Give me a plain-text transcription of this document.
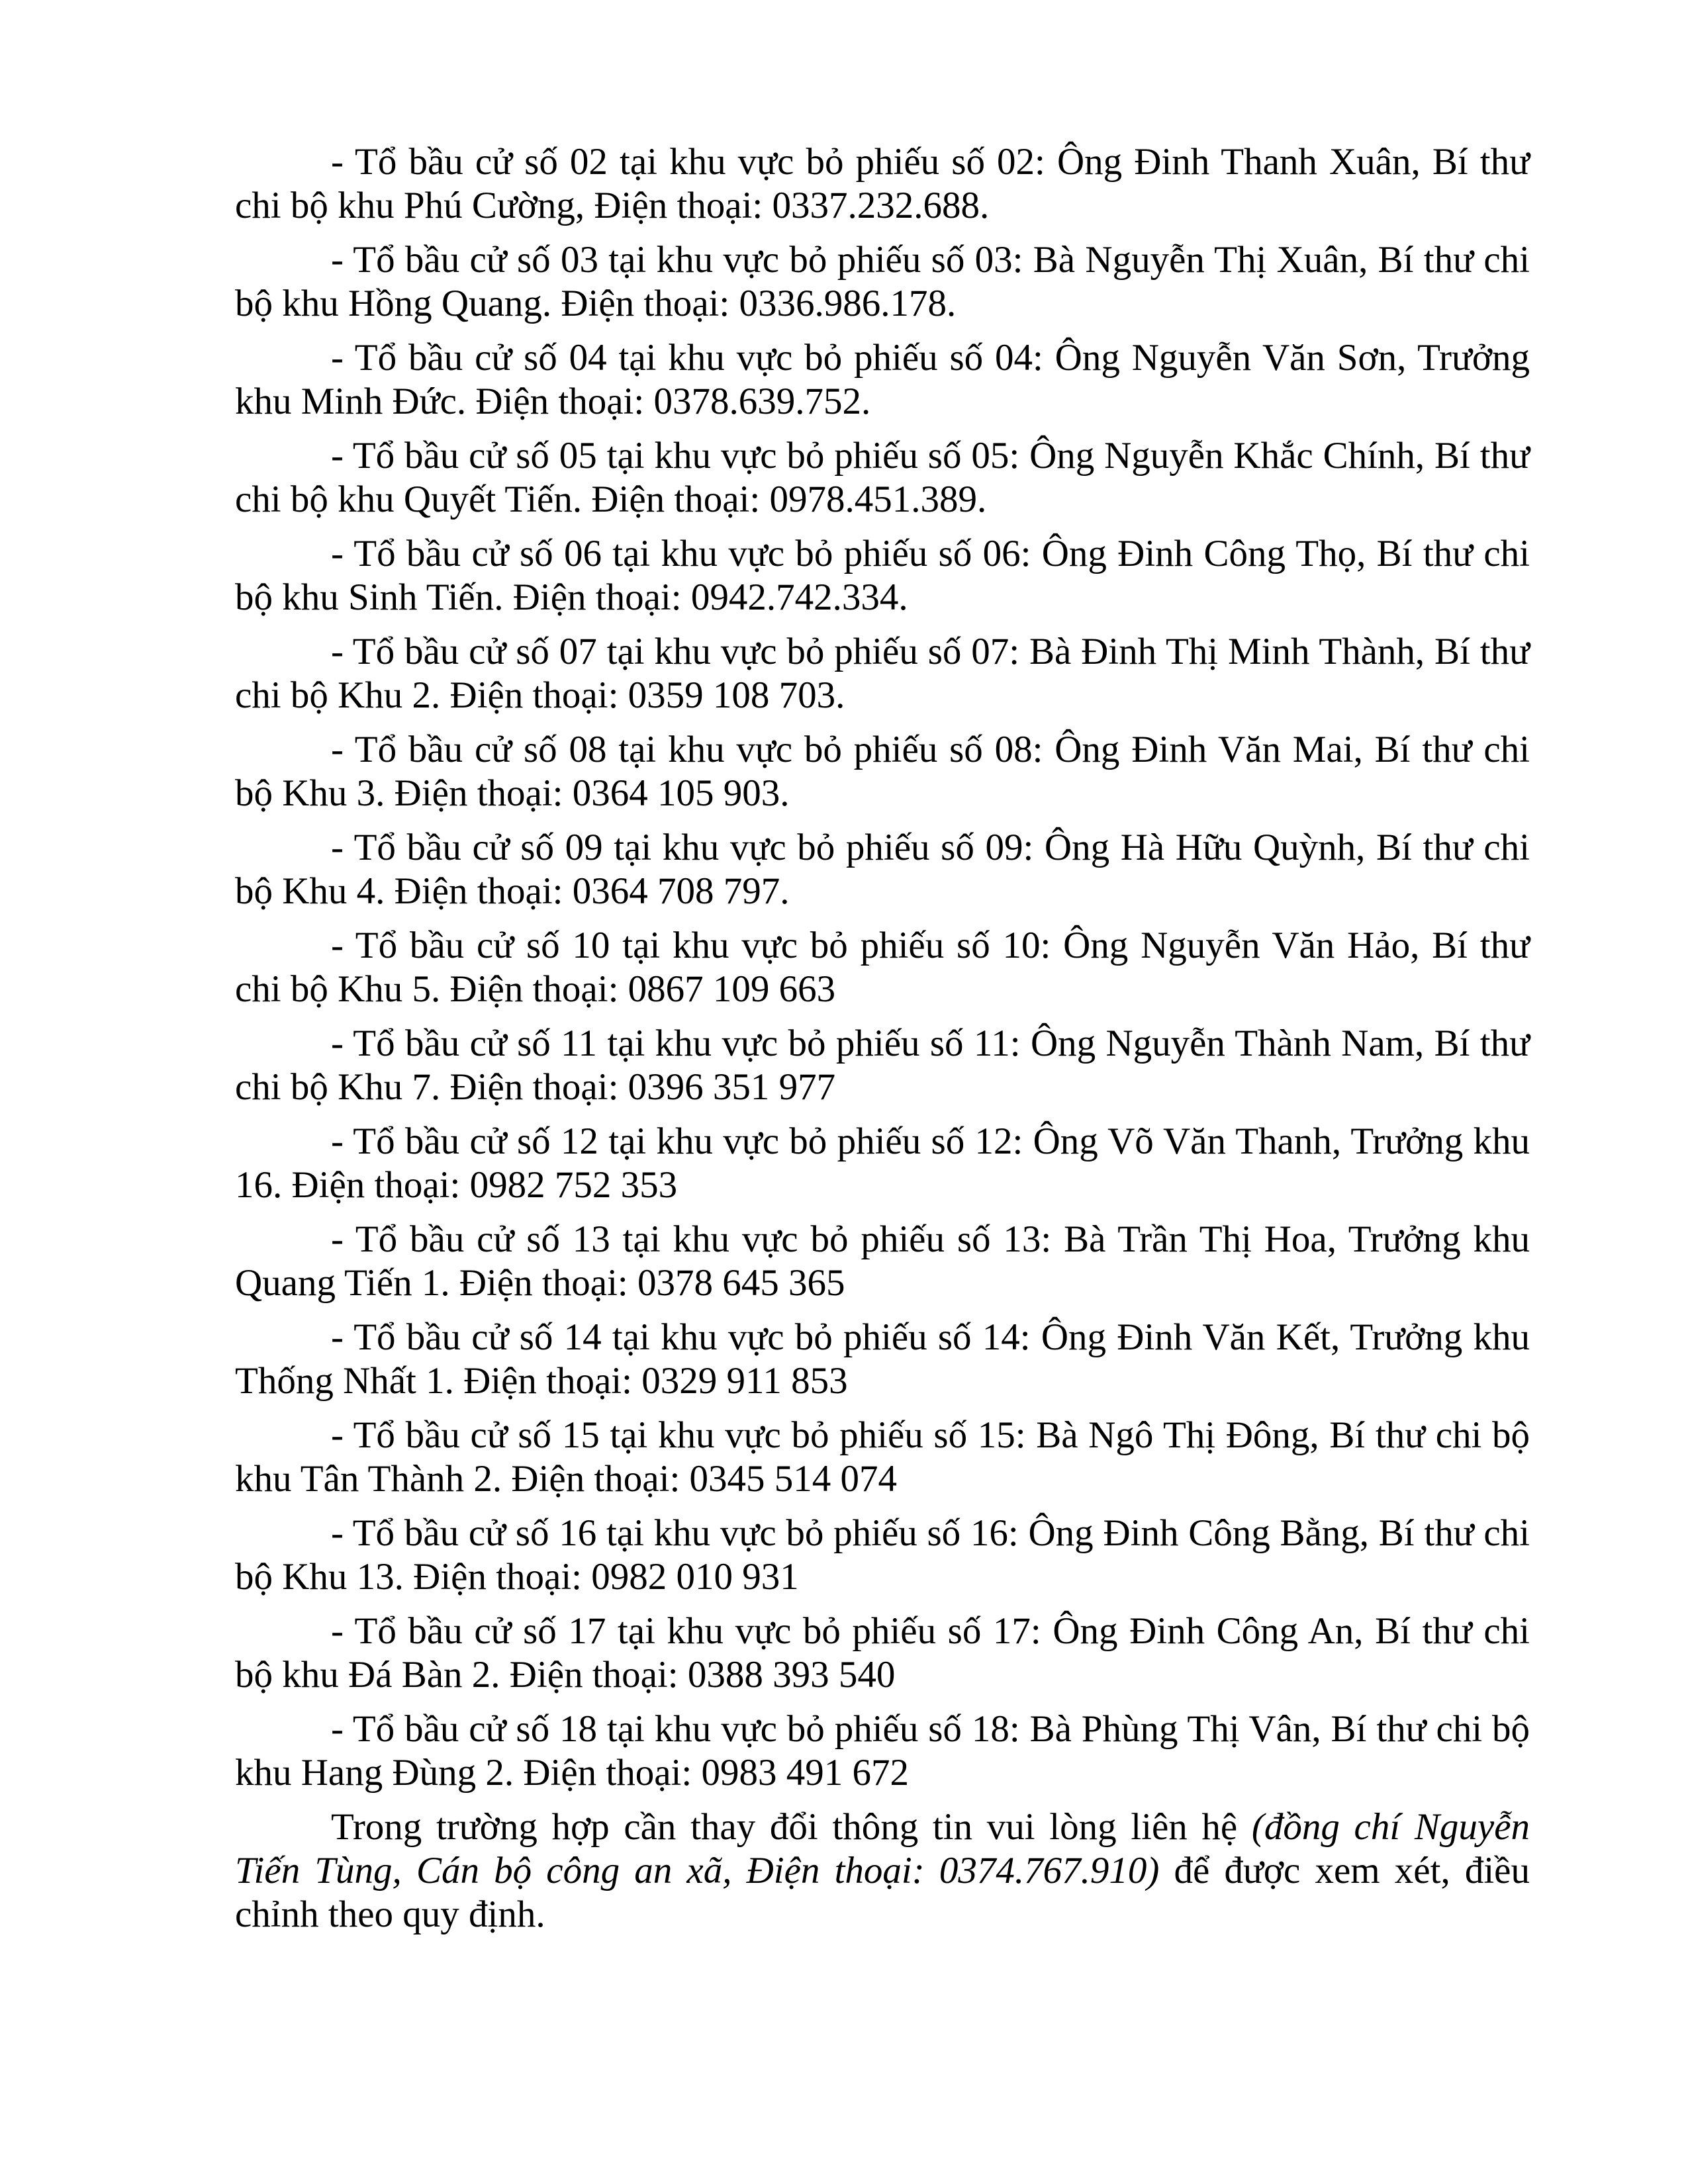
- Tổ bầu cử số 02 tại khu vực bỏ phiếu số 02: Ông Đinh Thanh Xuân, Bí thư chi bộ khu Phú Cường, Điện thoại: 0337.232.688.

- Tổ bầu cử số 03 tại khu vực bỏ phiếu số 03: Bà Nguyễn Thị Xuân, Bí thư chi bộ khu Hồng Quang. Điện thoại: 0336.986.178.

- Tổ bầu cử số 04 tại khu vực bỏ phiếu số 04: Ông Nguyễn Văn Sơn, Trưởng khu Minh Đức. Điện thoại: 0378.639.752.

- Tổ bầu cử số 05 tại khu vực bỏ phiếu số 05: Ông Nguyễn Khắc Chính, Bí thư chi bộ khu Quyết Tiến. Điện thoại: 0978.451.389.

- Tổ bầu cử số 06 tại khu vực bỏ phiếu số 06: Ông Đinh Công Thọ, Bí thư chi bộ khu Sinh Tiến. Điện thoại: 0942.742.334.

- Tổ bầu cử số 07 tại khu vực bỏ phiếu số 07: Bà Đinh Thị Minh Thành, Bí thư chi bộ Khu 2. Điện thoại: 0359 108 703.

- Tổ bầu cử số 08 tại khu vực bỏ phiếu số 08: Ông Đinh Văn Mai, Bí thư chi bộ Khu 3. Điện thoại: 0364 105 903.

- Tổ bầu cử số 09 tại khu vực bỏ phiếu số 09: Ông Hà Hữu Quỳnh, Bí thư chi bộ Khu 4. Điện thoại: 0364 708 797.

- Tổ bầu cử số 10 tại khu vực bỏ phiếu số 10: Ông Nguyễn Văn Hảo, Bí thư chi bộ Khu 5. Điện thoại: 0867 109 663

- Tổ bầu cử số 11 tại khu vực bỏ phiếu số 11: Ông Nguyễn Thành Nam, Bí thư chi bộ Khu 7. Điện thoại: 0396 351 977

- Tổ bầu cử số 12 tại khu vực bỏ phiếu số 12: Ông Võ Văn Thanh, Trưởng khu 16. Điện thoại: 0982 752 353

- Tổ bầu cử số 13 tại khu vực bỏ phiếu số 13: Bà Trần Thị Hoa, Trưởng khu Quang Tiến 1. Điện thoại: 0378 645 365

- Tổ bầu cử số 14 tại khu vực bỏ phiếu số 14: Ông Đinh Văn Kết, Trưởng khu Thống Nhất 1. Điện thoại: 0329 911 853

- Tổ bầu cử số 15 tại khu vực bỏ phiếu số 15: Bà Ngô Thị Đông, Bí thư chi bộ khu Tân Thành 2. Điện thoại: 0345 514 074

- Tổ bầu cử số 16 tại khu vực bỏ phiếu số 16: Ông Đinh Công Bằng, Bí thư chi bộ Khu 13. Điện thoại: 0982 010 931

- Tổ bầu cử số 17 tại khu vực bỏ phiếu số 17: Ông Đinh Công An, Bí thư chi bộ khu Đá Bàn 2. Điện thoại: 0388 393 540

- Tổ bầu cử số 18 tại khu vực bỏ phiếu số 18: Bà Phùng Thị Vân, Bí thư chi bộ khu Hang Đùng 2. Điện thoại: 0983 491 672

Trong trường hợp cần thay đổi thông tin vui lòng liên hệ (đồng chí Nguyễn Tiến Tùng, Cán bộ công an xã, Điện thoại: 0374.767.910) để được xem xét, điều chỉnh theo quy định.
